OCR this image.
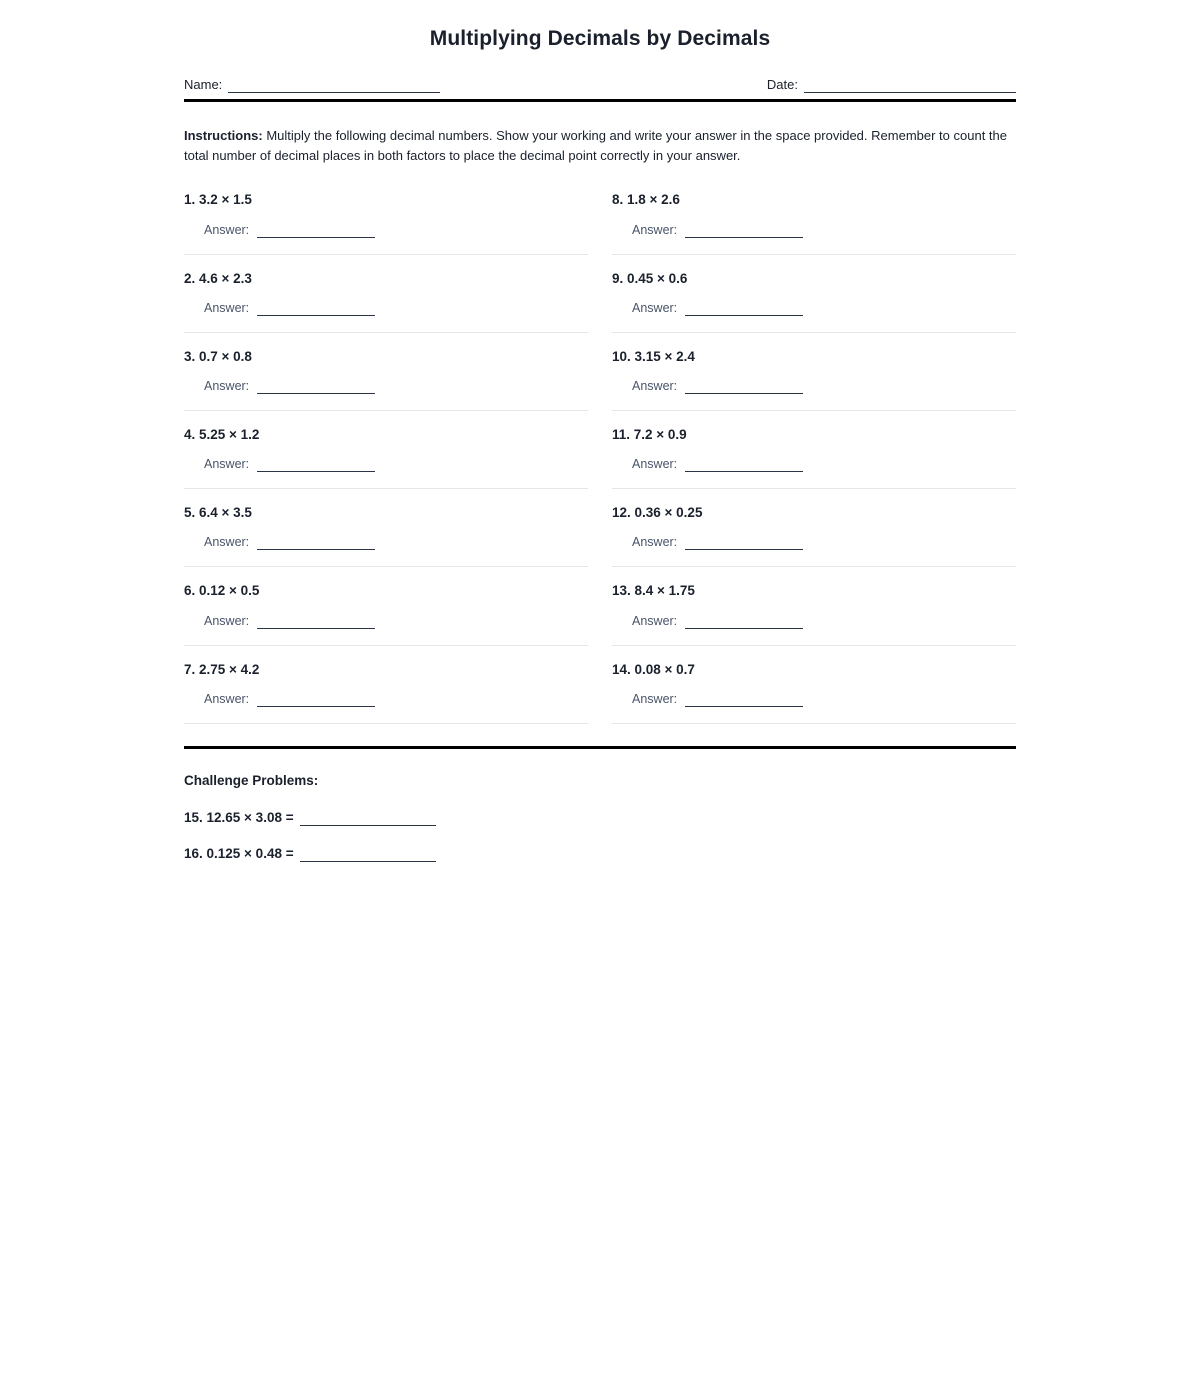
Multiplying Decimals by Decimals
Name:	Date:

Instructions: Multiply the following decimal numbers. Show your working and write your answer in the space provided. Remember to count the total number of decimal places in both factors to place the decimal point correctly in your answer.

1. 3.2 × 1.5
Answer:
2. 4.6 × 2.3
Answer:
3. 0.7 × 0.8
Answer:
4. 5.25 × 1.2
Answer:
5. 6.4 × 3.5
Answer:
6. 0.12 × 0.5
Answer:
7. 2.75 × 4.2
Answer:
8. 1.8 × 2.6
Answer:
9. 0.45 × 0.6
Answer:
10. 3.15 × 2.4
Answer:
11. 7.2 × 0.9
Answer:
12. 0.36 × 0.25
Answer:
13. 8.4 × 1.75
Answer:
14. 0.08 × 0.7
Answer:
Challenge Problems:
15. 12.65 × 3.08 =
16. 0.125 × 0.48 =
